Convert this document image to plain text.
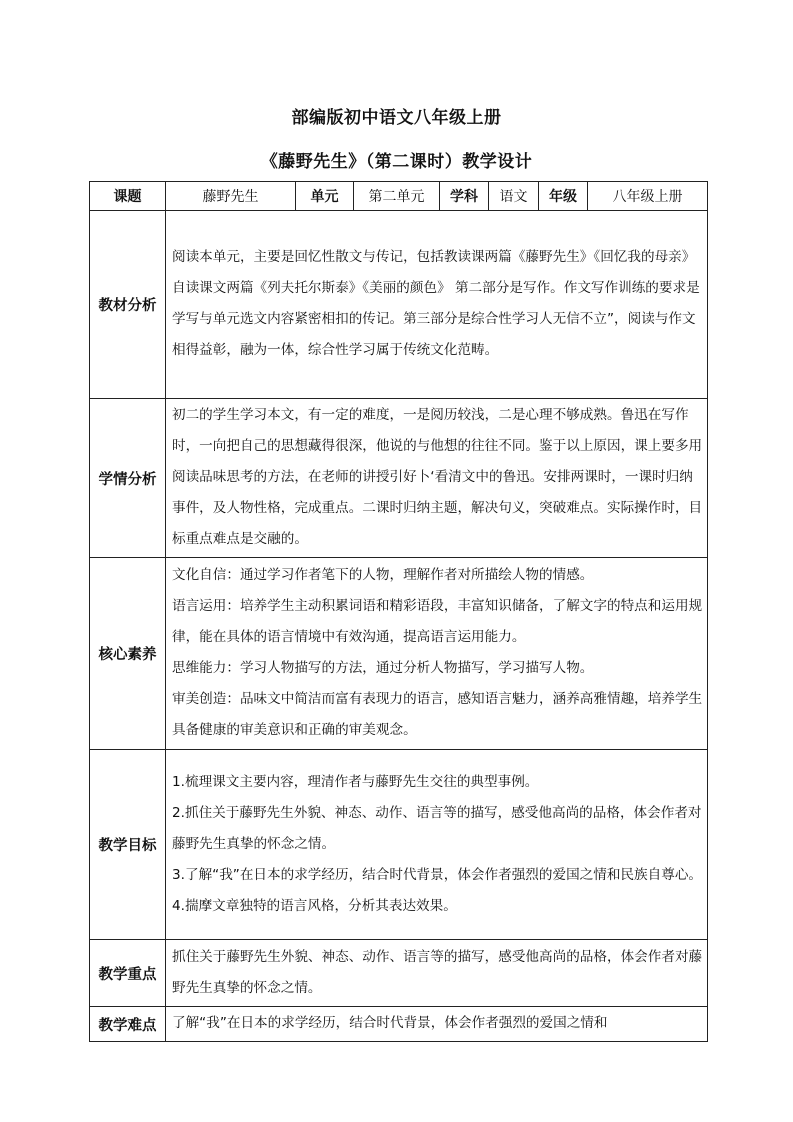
部编版初中语文八年级上册
《藤野先生》（第二课时）教学设计
课题	藤野先生	单元	第二单元	学科	语文	年级	八年级上册
教材分析	阅读本单元，主要是回忆性散文与传记，包括教读课两篇《藤野先生》《回忆我的母亲》 自读课文两篇《列夫托尔斯泰》《美丽的颜色》 第二部分是写作。作文写作训练的要求是学写与单元选文内容紧密相扣的传记。第三部分是综合性学习人无信不立”，阅读与作文相得益彰，融为一体，综合性学习属于传统文化范畴。						
学情分析	初二的学生学习本文，有一定的难度，一是阅历较浅，二是心理不够成熟。鲁迅在写作时，一向把自己的思想藏得很深，他说的与他想的往往不同。鉴于以上原因，课上要多用阅读品味思考的方法，在老师的讲授引好卜‘看清文中的鲁迅。安排两课时，一课时归纳事件，及人物性格，完成重点。二课时归纳主题，解决句义，突破难点。实际操作时，目标重点难点是交融的。						
核心素养	文化自信：通过学习作者笔下的人物，理解作者对所描绘人物的情感。

语言运用：培养学生主动积累词语和精彩语段，丰富知识储备，了解文字的特点和运用规律，能在具体的语言情境中有效沟通，提高语言运用能力。

思维能力：学习人物描写的方法，通过分析人物描写，学习描写人物。

审美创造：品味文中简洁而富有表现力的语言，感知语言魅力，涵养高雅情趣，培养学生具备健康的审美意识和正确的审美观念。						

教学目标	1.梳理课文主要内容，理清作者与藤野先生交往的典型事例。

2.抓住关于藤野先生外貌、神态、动作、语言等的描写，感受他高尚的品格，体会作者对藤野先生真挚的怀念之情。

3.了解“我”在日本的求学经历，结合时代背景，体会作者强烈的爱国之情和民族自尊心。

4.揣摩文章独特的语言风格，分析其表达效果。						

教学重点	抓住关于藤野先生外貌、神态、动作、语言等的描写，感受他高尚的品格，体会作者对藤野先生真挚的怀念之情。						
教学难点	了解“我”在日本的求学经历，结合时代背景，体会作者强烈的爱国之情和						
